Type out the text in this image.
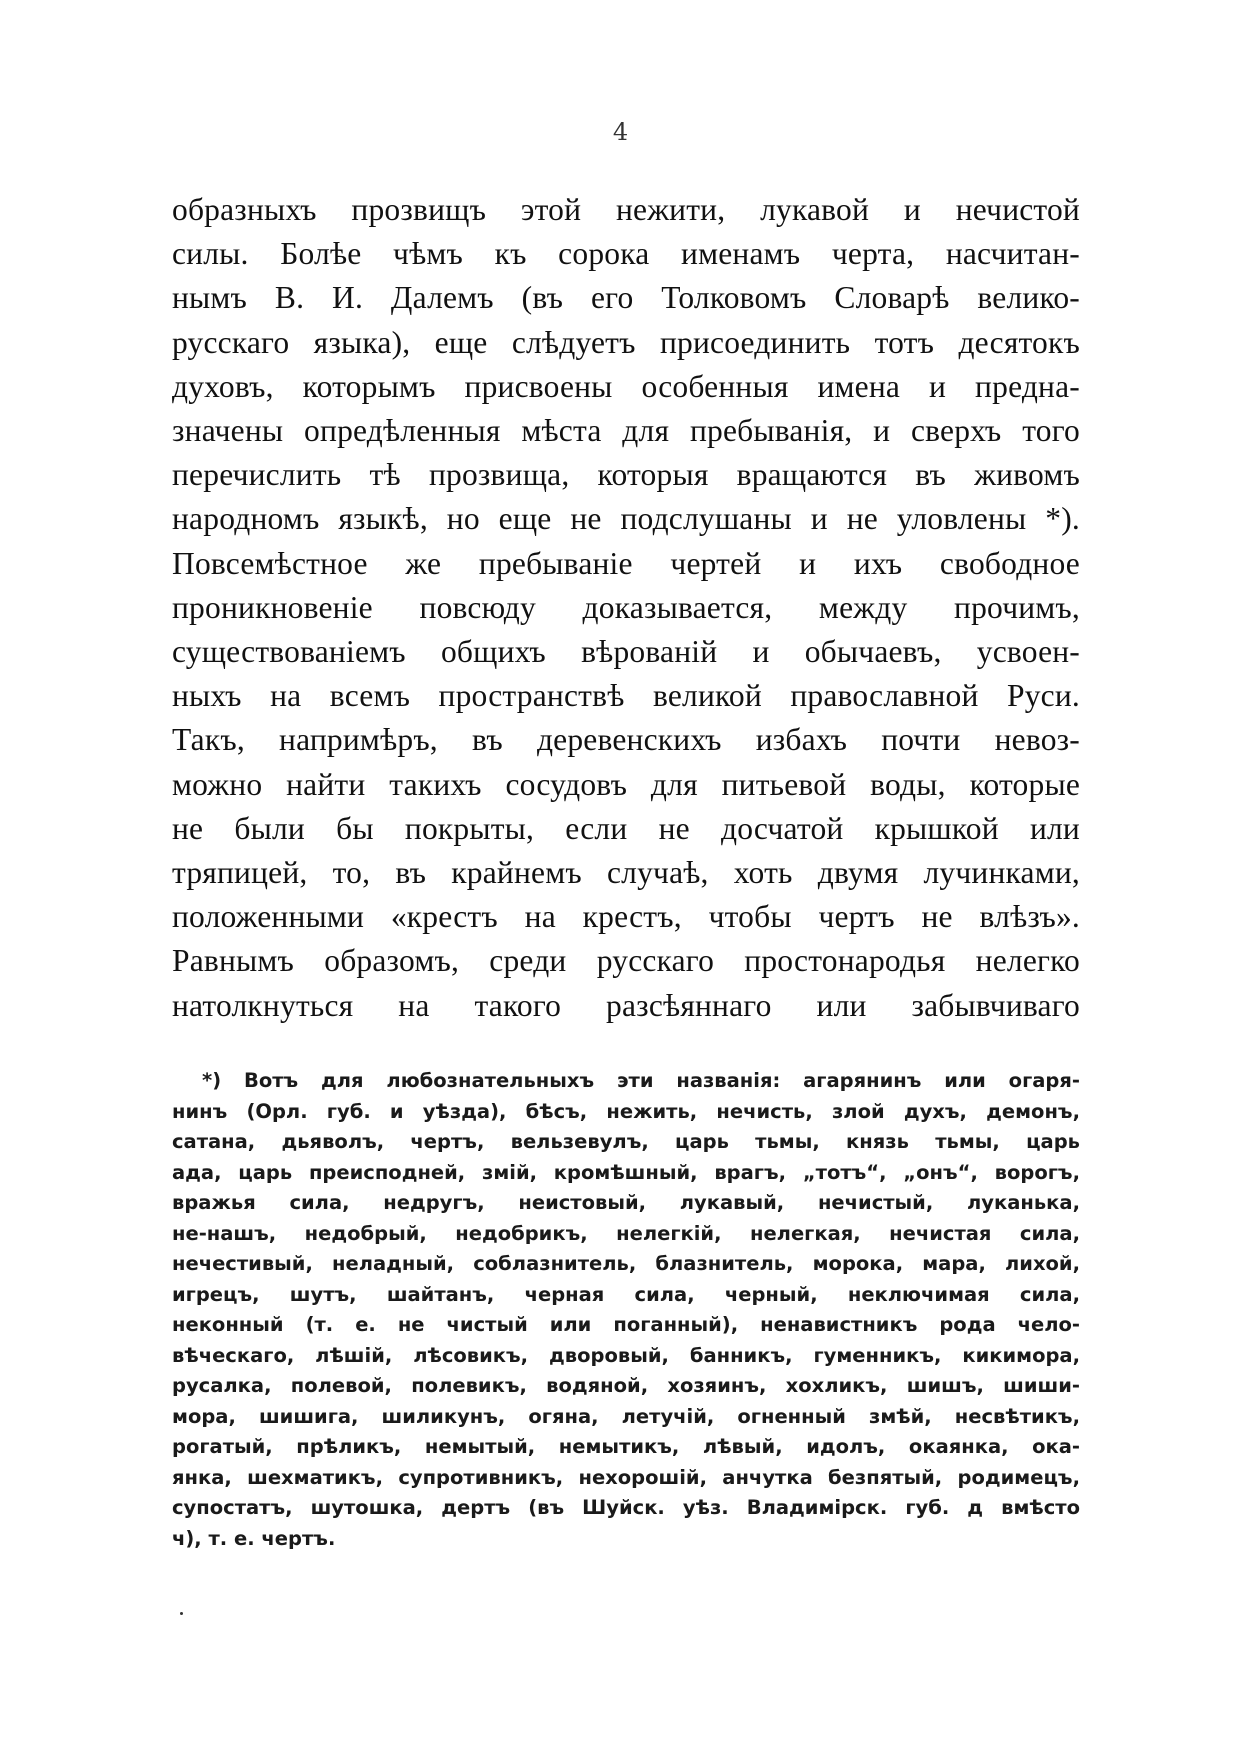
4
образныхъ прозвищъ этой нежити, лукавой и нечистой
силы. Болѣе чѣмъ къ сорока именамъ черта, насчитан-
нымъ В. И. Далемъ (въ его Толковомъ Словарѣ велико-
русскаго языка), еще слѣдуетъ присоединить тотъ десятокъ
духовъ, которымъ присвоены особенныя имена и предна-
значены опредѣленныя мѣста для пребыванія, и сверхъ того
перечислить тѣ прозвища, которыя вращаются въ живомъ
народномъ языкѣ, но еще не подслушаны и не уловлены *).
Повсемѣстное же пребываніе чертей и ихъ свободное
проникновеніе повсюду доказывается, между прочимъ,
существованіемъ общихъ вѣрованій и обычаевъ, усвоен-
ныхъ на всемъ пространствѣ великой православной Руси.
Такъ, напримѣръ, въ деревенскихъ избахъ почти невоз-
можно найти такихъ сосудовъ для питьевой воды, которые
не были бы покрыты, если не досчатой крышкой или
тряпицей, то, въ крайнемъ случаѣ, хоть двумя лучинками,
положенными «крестъ на крестъ, чтобы чертъ не влѣзъ».
Равнымъ образомъ, среди русскаго простонародья нелегко
натолкнуться на такого разсѣяннаго или забывчиваго
*) Вотъ для любознательныхъ эти названія: агарянинъ или огаря-
нинъ (Орл. губ. и уѣзда), бѣсъ, нежить, нечисть, злой духъ, демонъ,
сатана, дьяволъ, чертъ, вельзевулъ, царь тьмы, князь тьмы, царь
ада, царь преисподней, змій, кромѣшный, врагъ, „тотъ“, „онъ“, ворогъ,
вражья сила, недругъ, неистовый, лукавый, нечистый, луканька,
не-нашъ, недобрый, недобрикъ, нелегкій, нелегкая, нечистая сила,
нечестивый, неладный, соблазнитель, блазнитель, морока, мара, лихой,
игрецъ, шутъ, шайтанъ, черная сила, черный, неключимая сила,
неконный (т. е. не чистый или поганный), ненавистникъ рода чело-
вѣческаго, лѣшій, лѣсовикъ, дворовый, банникъ, гуменникъ, кикимора,
русалка, полевой, полевикъ, водяной, хозяинъ, хохликъ, шишъ, шиши-
мора, шишига, шиликунъ, огяна, летучій, огненный змѣй, несвѣтикъ,
рогатый, прѣликъ, немытый, немытикъ, лѣвый, идолъ, окаянка, ока-
янка, шехматикъ, супротивникъ, нехорошій, анчутка безпятый, родимецъ,
супостатъ, шутошка, дертъ (въ Шуйск. уѣз. Владимірск. губ. д вмѣсто
ч), т. е. чертъ.
